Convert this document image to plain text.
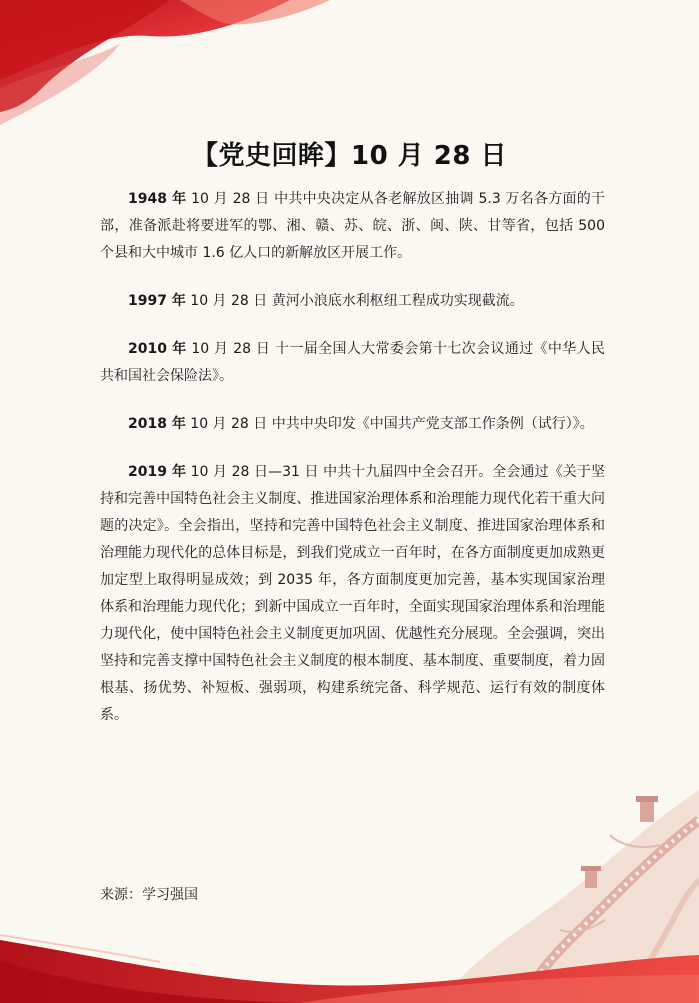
【党史回眸】10 月 28 日

1948 年 10 月 28 日 中共中央决定从各老解放区抽调 5.3 万名各方面的干部，准备派赴将要进军的鄂、湘、赣、苏、皖、浙、闽、陕、甘等省，包括 500 个县和大中城市 1.6 亿人口的新解放区开展工作。

1997 年 10 月 28 日 黄河小浪底水利枢纽工程成功实现截流。

2010 年 10 月 28 日 十一届全国人大常委会第十七次会议通过《中华人民共和国社会保险法》。

2018 年 10 月 28 日 中共中央印发《中国共产党支部工作条例（试行）》。

2019 年 10 月 28 日—31 日 中共十九届四中全会召开。全会通过《关于坚持和完善中国特色社会主义制度、推进国家治理体系和治理能力现代化若干重大问题的决定》。全会指出，坚持和完善中国特色社会主义制度、推进国家治理体系和治理能力现代化的总体目标是，到我们党成立一百年时，在各方面制度更加成熟更加定型上取得明显成效；到 2035 年，各方面制度更加完善，基本实现国家治理体系和治理能力现代化；到新中国成立一百年时，全面实现国家治理体系和治理能力现代化，使中国特色社会主义制度更加巩固、优越性充分展现。全会强调，突出坚持和完善支撑中国特色社会主义制度的根本制度、基本制度、重要制度，着力固根基、扬优势、补短板、强弱项，构建系统完备、科学规范、运行有效的制度体系。

来源：学习强国
